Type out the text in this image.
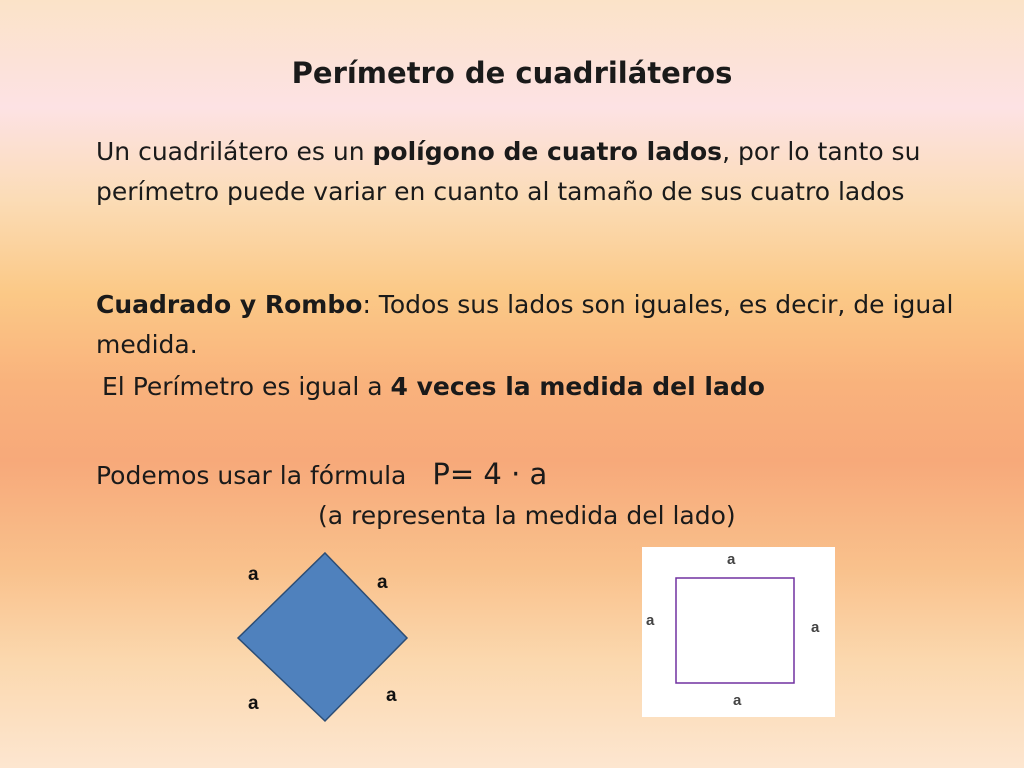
Perímetro de cuadriláteros
Un cuadrilátero es un polígono de cuatro lados, por lo tanto su perímetro puede variar en cuanto al tamaño de sus cuatro lados
Cuadrado y Rombo: Todos sus lados son iguales, es decir, de igual medida.
El Perímetro es igual a 4 veces la medida del lado
Podemos usar la fórmula P= 4 · a
(a representa la medida del lado)
a	a
a	a
a
a	a
a
